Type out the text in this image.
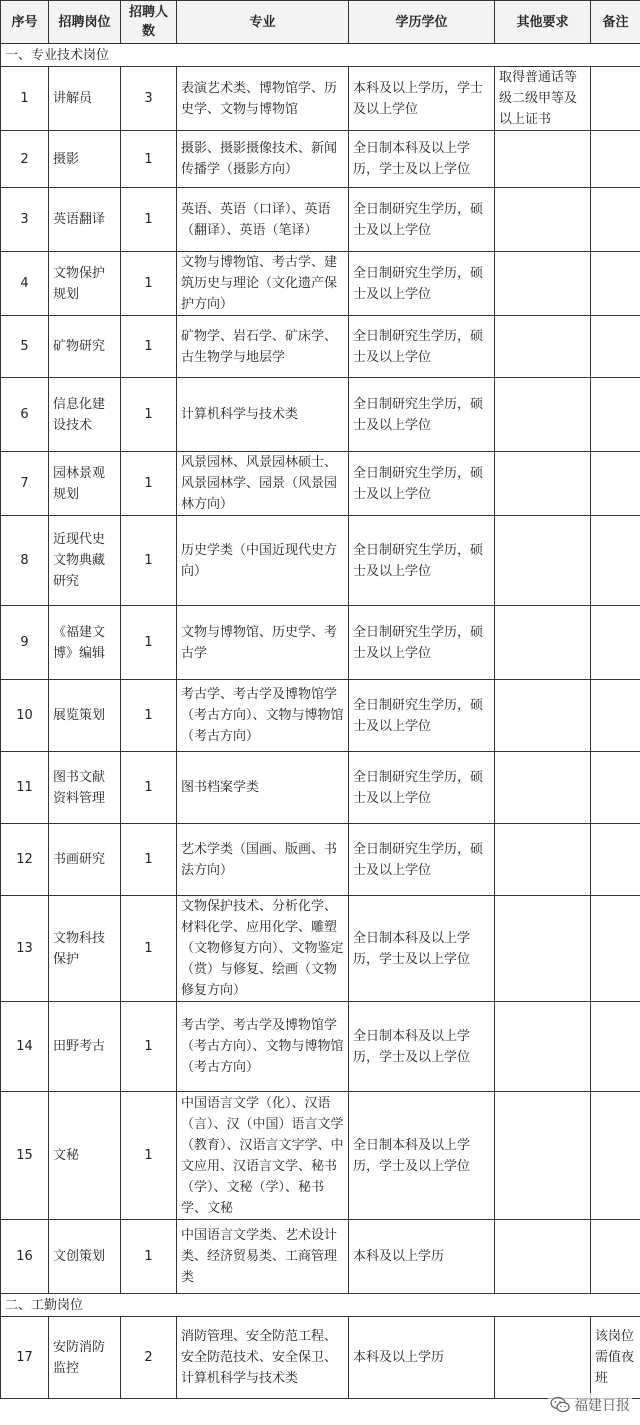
序号	招聘岗位	招聘人数	专业	学历学位	其他要求	备注
一、专业技术岗位						
1	讲解员	3	表演艺术类、博物馆学、历史学、文物与博物馆	本科及以上学历，学士及以上学位	取得普通话等级二级甲等及以上证书	
2	摄影	1	摄影、摄影摄像技术、新闻传播学（摄影方向）	全日制本科及以上学历，学士及以上学位		
3	英语翻译	1	英语、英语（口译）、英语（翻译）、英语（笔译）	全日制研究生学历，硕士及以上学位		
4	文物保护规划	1	文物与博物馆、考古学、建筑历史与理论（文化遗产保护方向）	全日制研究生学历，硕士及以上学位		
5	矿物研究	1	矿物学、岩石学、矿床学、古生物学与地层学	全日制研究生学历，硕士及以上学位		
6	信息化建设技术	1	计算机科学与技术类	全日制研究生学历，硕士及以上学位		
7	园林景观规划	1	风景园林、风景园林硕士、风景园林学、园景（风景园林方向）	全日制研究生学历，硕士及以上学位		
8	近现代史文物典藏研究	1	历史学类（中国近现代史方向）	全日制研究生学历，硕士及以上学位		
9	《福建文博》编辑	1	文物与博物馆、历史学、考古学	全日制研究生学历，硕士及以上学位		
10	展览策划	1	考古学、考古学及博物馆学（考古方向）、文物与博物馆（考古方向）	全日制研究生学历，硕士及以上学位		
11	图书文献资料管理	1	图书档案学类	全日制研究生学历，硕士及以上学位		
12	书画研究	1	艺术学类（国画、版画、书法方向）	全日制研究生学历，硕士及以上学位		
13	文物科技保护	1	文物保护技术、分析化学、材料化学、应用化学、雕塑（文物修复方向）、文物鉴定（赏）与修复、绘画（文物修复方向）	全日制本科及以上学历，学士及以上学位		
14	田野考古	1	考古学、考古学及博物馆学（考古方向）、文物与博物馆（考古方向）	全日制本科及以上学历，学士及以上学位		
15	文秘	1	中国语言文学（化）、汉语（言）、汉（中国）语言文学（教育）、汉语言文字学、中文应用、汉语言文学、秘书（学）、文秘（学）、秘书学、文秘	全日制本科及以上学历，学士及以上学位		
16	文创策划	1	中国语言文学类、艺术设计类、经济贸易类、工商管理类	本科及以上学历		
二、工勤岗位						
17	安防消防监控	2	消防管理、安全防范工程、安全防范技术、安全保卫、计算机科学与技术类	本科及以上学历		该岗位需值夜班
福建日报
